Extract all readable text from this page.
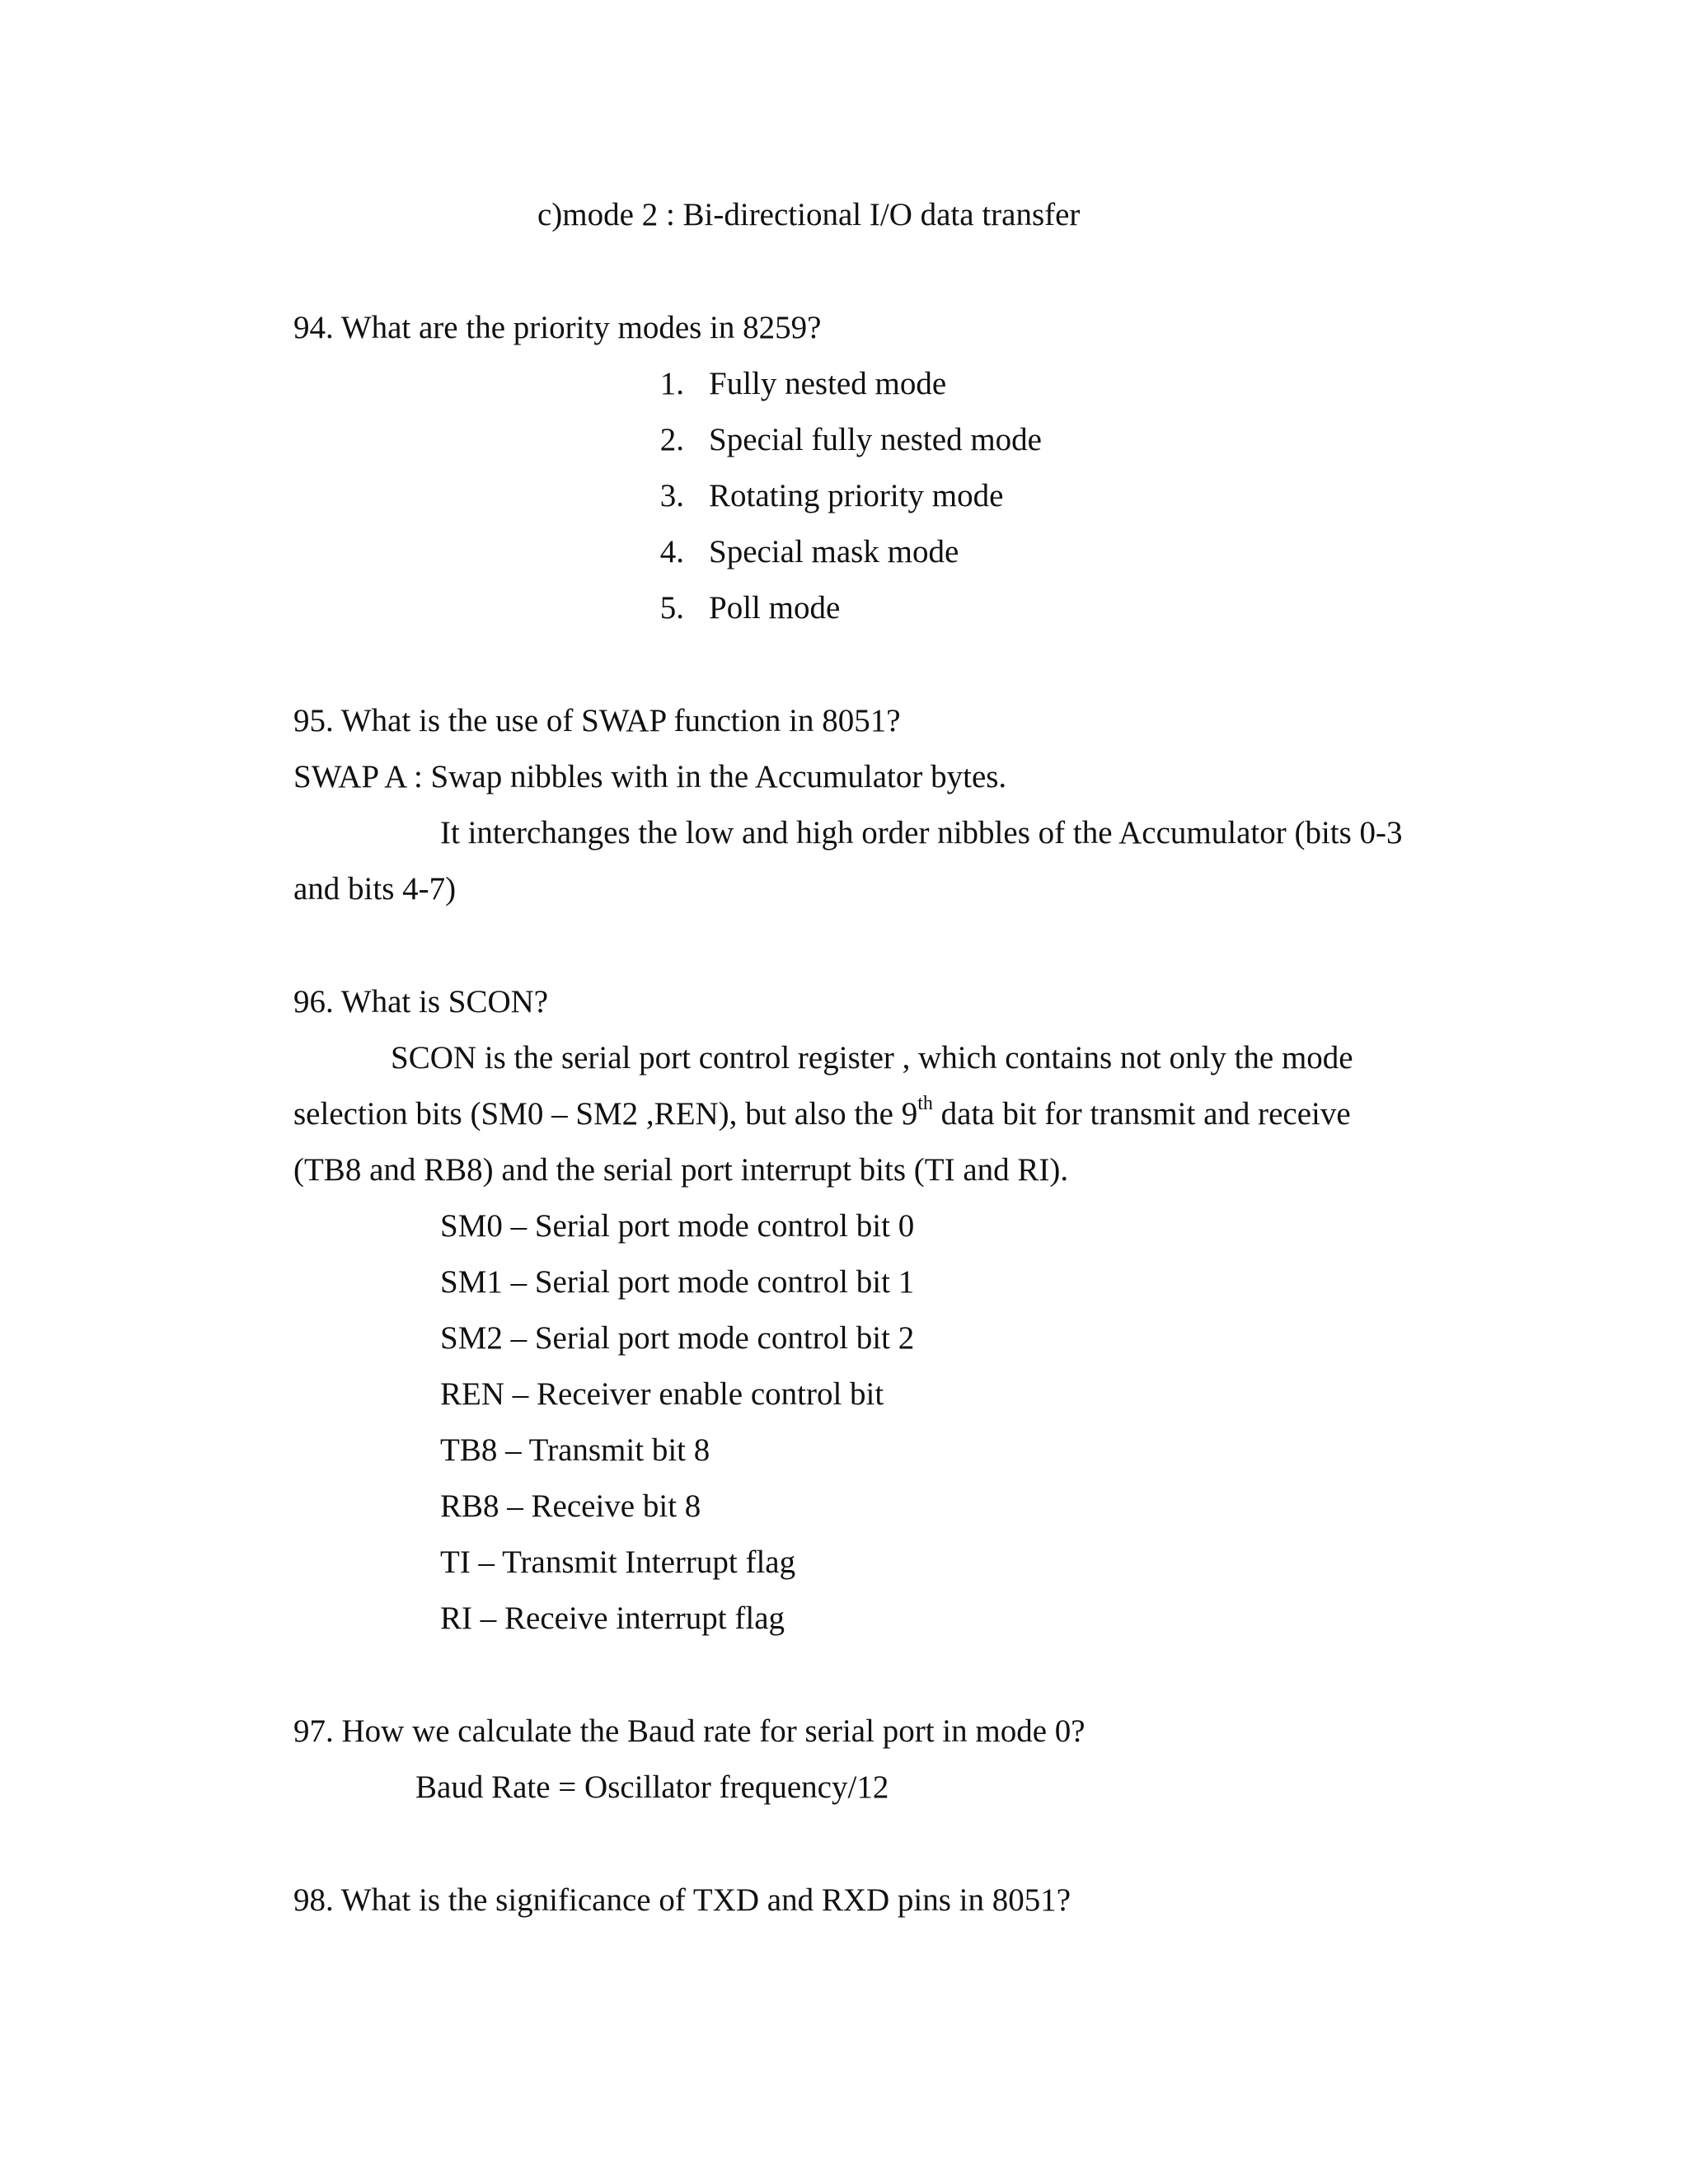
c)mode 2 : Bi-directional I/O data transfer

94. What are the priority modes in 8259?

1. Fully nested mode

2. Special fully nested mode

3. Rotating priority mode

4. Special mask mode

5. Poll mode

95. What is the use of SWAP function in 8051?

SWAP A : Swap nibbles with in the Accumulator bytes.

It interchanges the low and high order nibbles of the Accumulator (bits 0-3

and bits 4-7)

96. What is SCON?

SCON is the serial port control register , which contains not only the mode

selection bits (SM0 – SM2 ,REN), but also the 9th data bit for transmit and receive

(TB8 and RB8) and the serial port interrupt bits (TI and RI).

SM0 – Serial port mode control bit 0

SM1 – Serial port mode control bit 1

SM2 – Serial port mode control bit 2

REN – Receiver enable control bit

TB8 – Transmit bit 8

RB8 – Receive bit 8

TI – Transmit Interrupt flag

RI – Receive interrupt flag

97. How we calculate the Baud rate for serial port in mode 0?

Baud Rate = Oscillator frequency/12

98. What is the significance of TXD and RXD pins in 8051?
